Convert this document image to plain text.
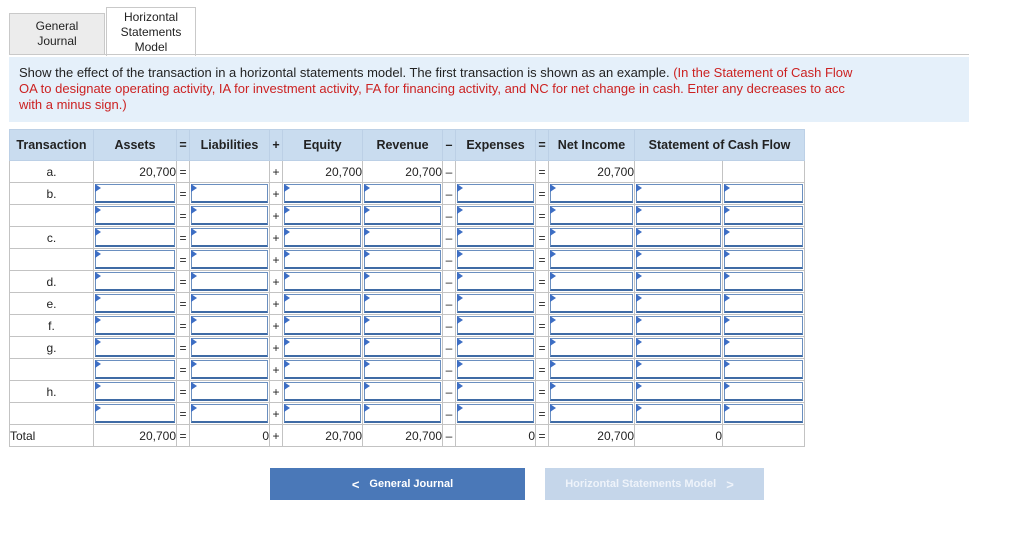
General
Journal
Horizontal
Statements
Model
Show the effect of the transaction in a horizontal statements model. The first transaction is shown as an example. (In the Statement of Cash Flow
OA to designate operating activity, IA for investment activity, FA for financing activity, and NC for net change in cash. Enter any decreases to acc
with a minus sign.)
Transaction	Assets	=	Liabilities	+	Equity	Revenue	–	Expenses	=	Net Income	Statement of Cash Flow	
a.	20,700	=		+	20,700	20,700	–		=	20,700		
b.		=		+			–		=	

	=		+			–		=	

c.		=		+			–		=	

	=		+			–		=	

d.		=		+			–		=	

e.		=		+			–		=	

f.		=		+			–		=	

g.		=		+			–		=	

	=		+			–		=	

h.		=		+			–		=	

	=		+			–		=	

Total	20,700	=	0	+	20,700	20,700	–	0	=	20,700	0	
< General Journal	Horizontal Statements Model >
